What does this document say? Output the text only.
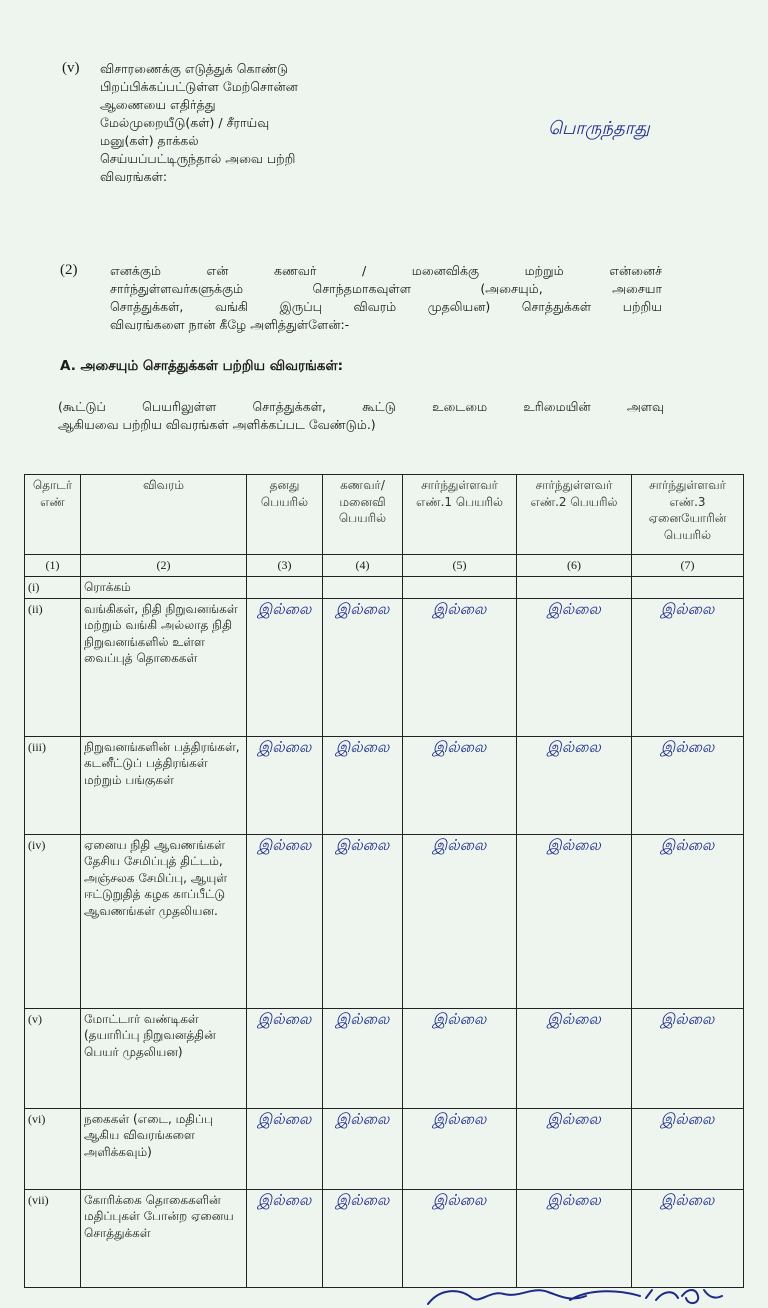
(v) விசாரணைக்கு எடுத்துக் கொண்டு
பிறப்பிக்கப்பட்டுள்ள மேற்சொன்ன
ஆணையை எதிர்த்து
மேல்முறையீடு(கள்) / சீராய்வு
மனு(கள்) தாக்கல்
செய்யப்பட்டிருந்தால் அவை பற்றி
விவரங்கள்:
பொருந்தாது
(2)	எனக்கும் என் கணவர் / மனைவிக்கு மற்றும் என்னைச்
சார்ந்துள்ளவர்களுக்கும் சொந்தமாகவுள்ள (அசையும், அசையா
சொத்துக்கள், வங்கி இருப்பு விவரம் முதலியன) சொத்துக்கள் பற்றிய
விவரங்களை நான் கீழே அளித்துள்ளேன்:-
A. அசையும் சொத்துக்கள் பற்றிய விவரங்கள்:
(கூட்டுப் பெயரிலுள்ள சொத்துக்கள், கூட்டு உடைமை உரிமையின் அளவு
ஆகியவை பற்றிய விவரங்கள் அளிக்கப்பட வேண்டும்.)
தொடர் எண்	விவரம்	தனது பெயரில்	கணவர்/ மனைவி பெயரில்	சார்ந்துள்ளவர் எண்.1 பெயரில்	சார்ந்துள்ளவர் எண்.2 பெயரில்	சார்ந்துள்ளவர் எண்.3 ஏனையோரின் பெயரில்
(1)	(2)	(3)	(4)	(5)	(6)	(7)
(i)	ரொக்கம்					
(ii)	வங்கிகள், நிதி நிறுவனங்கள் மற்றும் வங்கி அல்லாத நிதி நிறுவனங்களில் உள்ள வைப்புத் தொகைகள்	இல்லை	இல்லை	இல்லை	இல்லை	இல்லை
(iii)	நிறுவனங்களின் பத்திரங்கள், கடனீட்டுப் பத்திரங்கள் மற்றும் பங்குகள்	இல்லை	இல்லை	இல்லை	இல்லை	இல்லை
(iv)	ஏனைய நிதி ஆவணங்கள் தேசிய சேமிப்புத் திட்டம், அஞ்சலக சேமிப்பு, ஆயுள் ஈட்டுறுதித் கழக காப்பீட்டு ஆவணங்கள் முதலியன.	இல்லை	இல்லை	இல்லை	இல்லை	இல்லை
(v)	மோட்டார் வண்டிகள் (தயாரிப்பு நிறுவனத்தின் பெயர் முதலியன)	இல்லை	இல்லை	இல்லை	இல்லை	இல்லை
(vi)	நகைகள் (எடை, மதிப்பு ஆகிய விவரங்களை அளிக்கவும்)	இல்லை	இல்லை	இல்லை	இல்லை	இல்லை
(vii)	கோரிக்கை தொகைகளின் மதிப்புகள் போன்ற ஏனைய சொத்துக்கள்	இல்லை	இல்லை	இல்லை	இல்லை	இல்லை
